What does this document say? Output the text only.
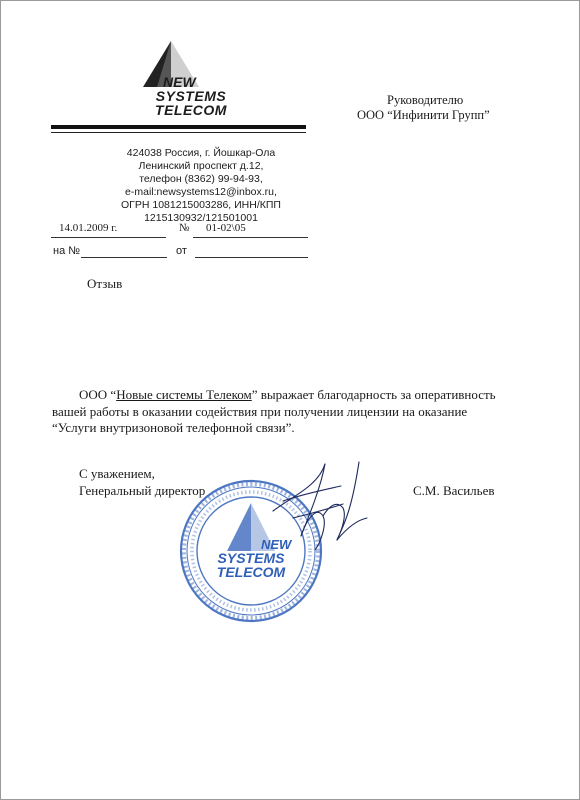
NEW
SYSTEMS
TELECOM
424038 Россия, г. Йошкар-Ола
Ленинский проспект д.12,
телефон (8362) 99-94-93,
e-mail:newsystems12@inbox.ru,
ОГРН 1081215003286, ИНН/КПП
1215130932/121501001
14.01.2009 г.	№ 01-02\05
на №	от
Руководителю
ООО “Инфинити Групп”
Отзыв
ООО “Новые системы Телеком” выражает благодарность за оперативность
вашей работы в оказании содействия при получении лицензии на оказание
“Услуги внутризоновой телефонной связи”.
С уважением,
Генеральный директор	С.М. Васильев
NEW
SYSTEMS
TELECOM
